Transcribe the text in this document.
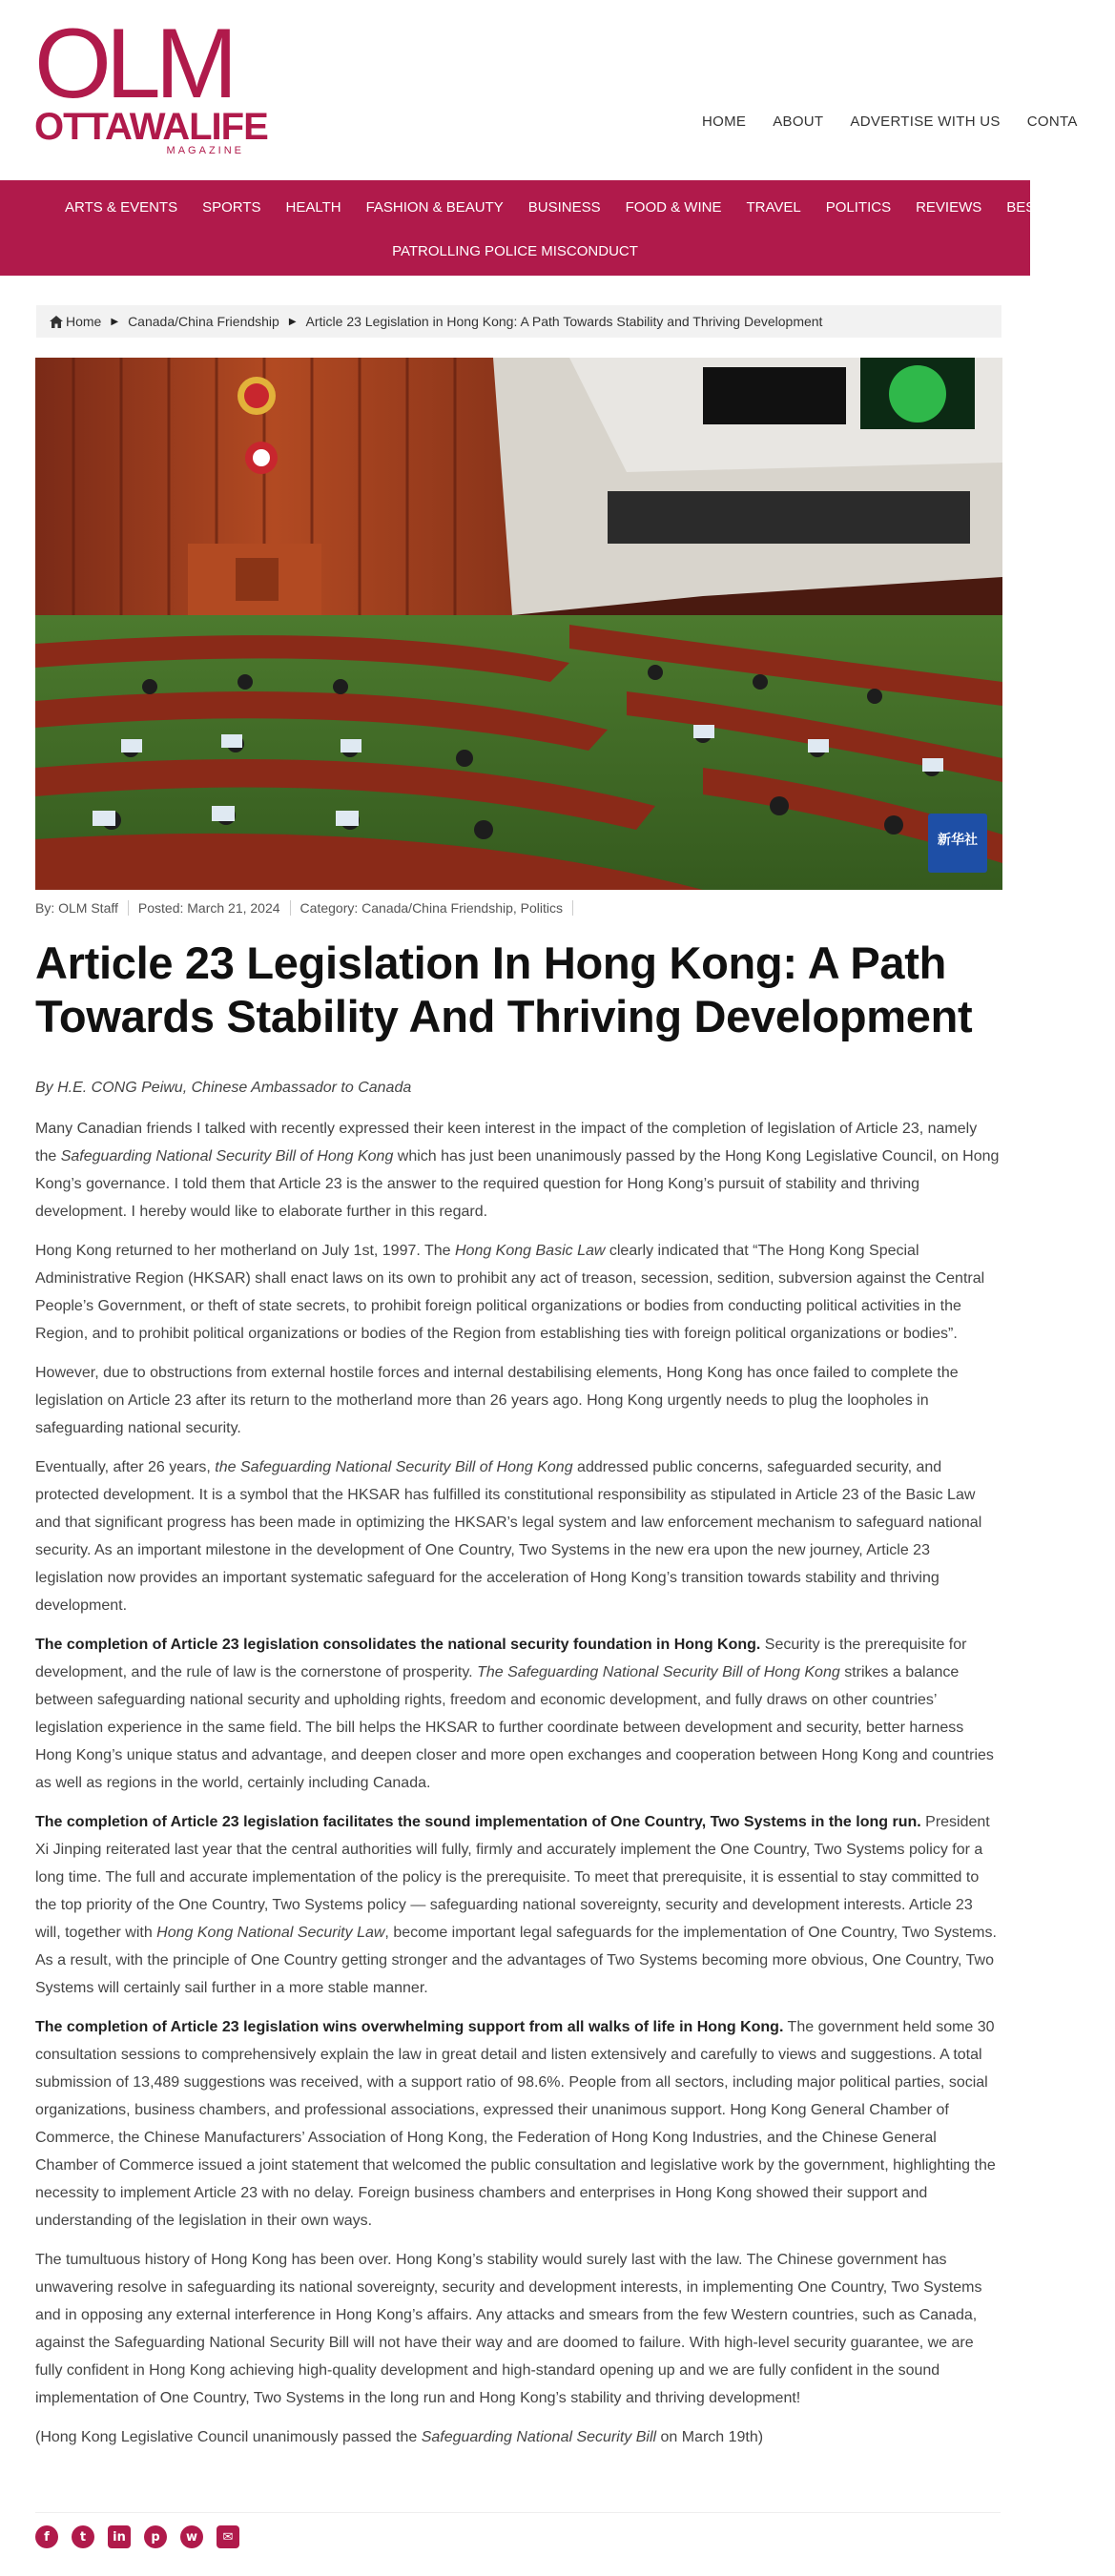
OLM
OTTAWALIFE
MAGAZINE
HOME ABOUT ADVERTISE WITH US CONTA
ARTS & EVENTS SPORTS HEALTH FASHION & BEAUTY BUSINESS FOOD & WINE TRAVEL POLITICS REVIEWS BEST PICKS
PATROLLING POLICE MISCONDUCT
Home ▶ Canada/China Friendship ▶ Article 23 Legislation in Hong Kong: A Path Towards Stability and Thriving Development
新华社
By: OLM Staff	Posted: March 21, 2024	Category: Canada/China Friendship, Politics
Article 23 Legislation In Hong Kong: A Path Towards Stability And Thriving Development

By H.E. CONG Peiwu, Chinese Ambassador to Canada

Many Canadian friends I talked with recently expressed their keen interest in the impact of the completion of legislation of Article 23, namely the Safeguarding National Security Bill of Hong Kong which has just been unanimously passed by the Hong Kong Legislative Council, on Hong Kong’s governance. I told them that Article 23 is the answer to the required question for Hong Kong’s pursuit of stability and thriving development. I hereby would like to elaborate further in this regard.

Hong Kong returned to her motherland on July 1st, 1997. The Hong Kong Basic Law clearly indicated that “The Hong Kong Special Administrative Region (HKSAR) shall enact laws on its own to prohibit any act of treason, secession, sedition, subversion against the Central People’s Government, or theft of state secrets, to prohibit foreign political organizations or bodies from conducting political activities in the Region, and to prohibit political organizations or bodies of the Region from establishing ties with foreign political organizations or bodies”.

However, due to obstructions from external hostile forces and internal destabilising elements, Hong Kong has once failed to complete the legislation on Article 23 after its return to the motherland more than 26 years ago. Hong Kong urgently needs to plug the loopholes in safeguarding national security.

Eventually, after 26 years, the Safeguarding National Security Bill of Hong Kong addressed public concerns, safeguarded security, and protected development. It is a symbol that the HKSAR has fulfilled its constitutional responsibility as stipulated in Article 23 of the Basic Law and that significant progress has been made in optimizing the HKSAR’s legal system and law enforcement mechanism to safeguard national security. As an important milestone in the development of One Country, Two Systems in the new era upon the new journey, Article 23 legislation now provides an important systematic safeguard for the acceleration of Hong Kong’s transition towards stability and thriving development.

The completion of Article 23 legislation consolidates the national security foundation in Hong Kong. Security is the prerequisite for development, and the rule of law is the cornerstone of prosperity. The Safeguarding National Security Bill of Hong Kong strikes a balance between safeguarding national security and upholding rights, freedom and economic development, and fully draws on other countries’ legislation experience in the same field. The bill helps the HKSAR to further coordinate between development and security, better harness Hong Kong’s unique status and advantage, and deepen closer and more open exchanges and cooperation between Hong Kong and countries as well as regions in the world, certainly including Canada.

The completion of Article 23 legislation facilitates the sound implementation of One Country, Two Systems in the long run. President Xi Jinping reiterated last year that the central authorities will fully, firmly and accurately implement the One Country, Two Systems policy for a long time. The full and accurate implementation of the policy is the prerequisite. To meet that prerequisite, it is essential to stay committed to the top priority of the One Country, Two Systems policy — safeguarding national sovereignty, security and development interests. Article 23 will, together with Hong Kong National Security Law, become important legal safeguards for the implementation of One Country, Two Systems. As a result, with the principle of One Country getting stronger and the advantages of Two Systems becoming more obvious, One Country, Two Systems will certainly sail further in a more stable manner.

The completion of Article 23 legislation wins overwhelming support from all walks of life in Hong Kong. The government held some 30 consultation sessions to comprehensively explain the law in great detail and listen extensively and carefully to views and suggestions. A total submission of 13,489 suggestions was received, with a support ratio of 98.6%. People from all sectors, including major political parties, social organizations, business chambers, and professional associations, expressed their unanimous support. Hong Kong General Chamber of Commerce, the Chinese Manufacturers’ Association of Hong Kong, the Federation of Hong Kong Industries, and the Chinese General Chamber of Commerce issued a joint statement that welcomed the public consultation and legislative work by the government, highlighting the necessity to implement Article 23 with no delay. Foreign business chambers and enterprises in Hong Kong showed their support and understanding of the legislation in their own ways.

The tumultuous history of Hong Kong has been over. Hong Kong’s stability would surely last with the law. The Chinese government has unwavering resolve in safeguarding its national sovereignty, security and development interests, in implementing One Country, Two Systems and in opposing any external interference in Hong Kong’s affairs. Any attacks and smears from the few Western countries, such as Canada, against the Safeguarding National Security Bill will not have their way and are doomed to failure. With high-level security guarantee, we are fully confident in Hong Kong achieving high-quality development and high-standard opening up and we are fully confident in the sound implementation of One Country, Two Systems in the long run and Hong Kong’s stability and thriving development!

(Hong Kong Legislative Council unanimously passed the Safeguarding National Security Bill on March 19th)

f	t	in	p	w	✉
